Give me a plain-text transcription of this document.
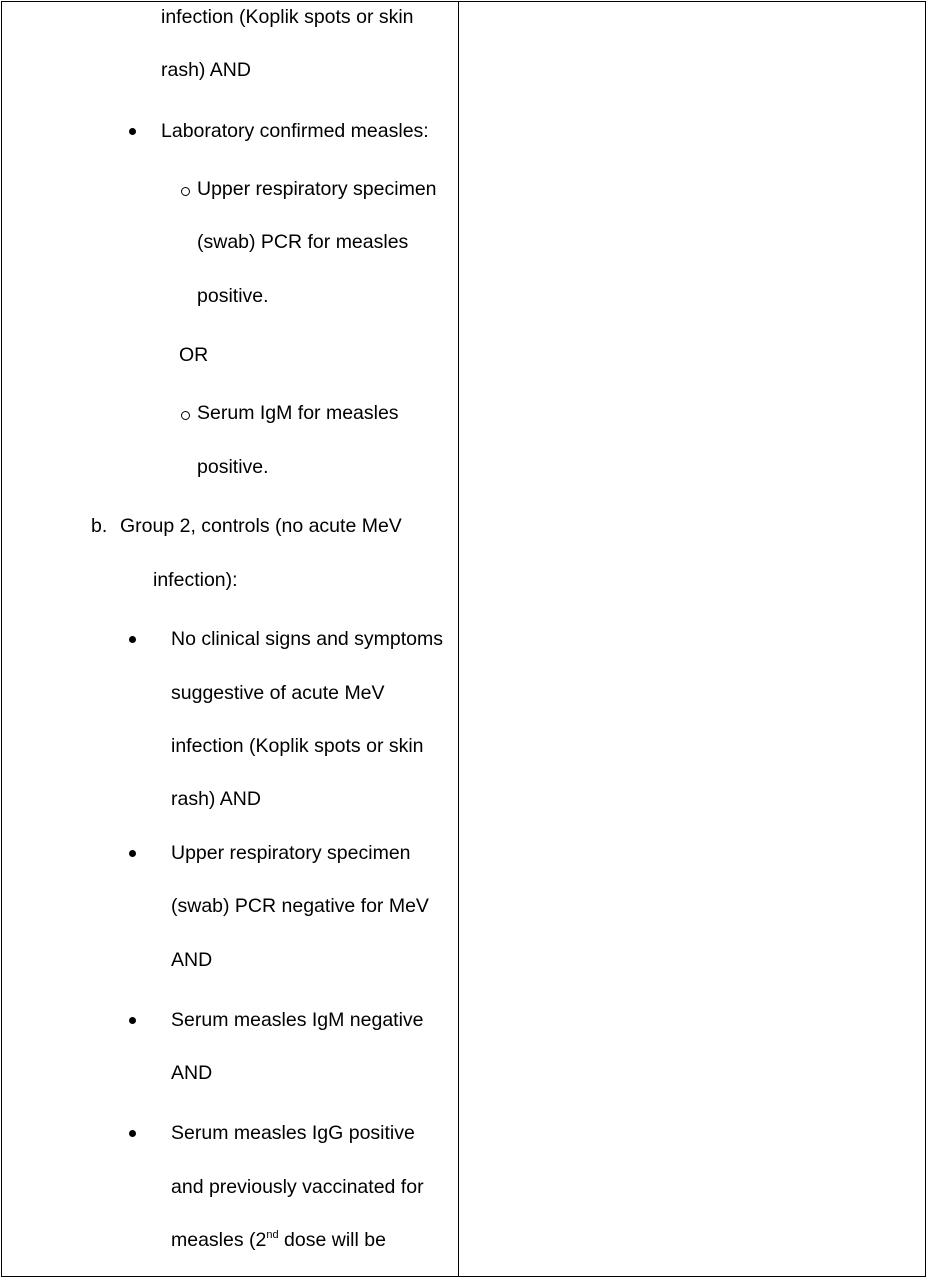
infection (Koplik spots or skin
rash) AND
Laboratory confirmed measles:
Upper respiratory specimen
(swab) PCR for measles
positive.
OR
Serum IgM for measles
positive.
b. Group 2, controls (no acute MeV
infection):
No clinical signs and symptoms
suggestive of acute MeV
infection (Koplik spots or skin
rash) AND
Upper respiratory specimen
(swab) PCR negative for MeV
AND
Serum measles IgM negative
AND
Serum measles IgG positive
and previously vaccinated for
measles (2nd dose will be
